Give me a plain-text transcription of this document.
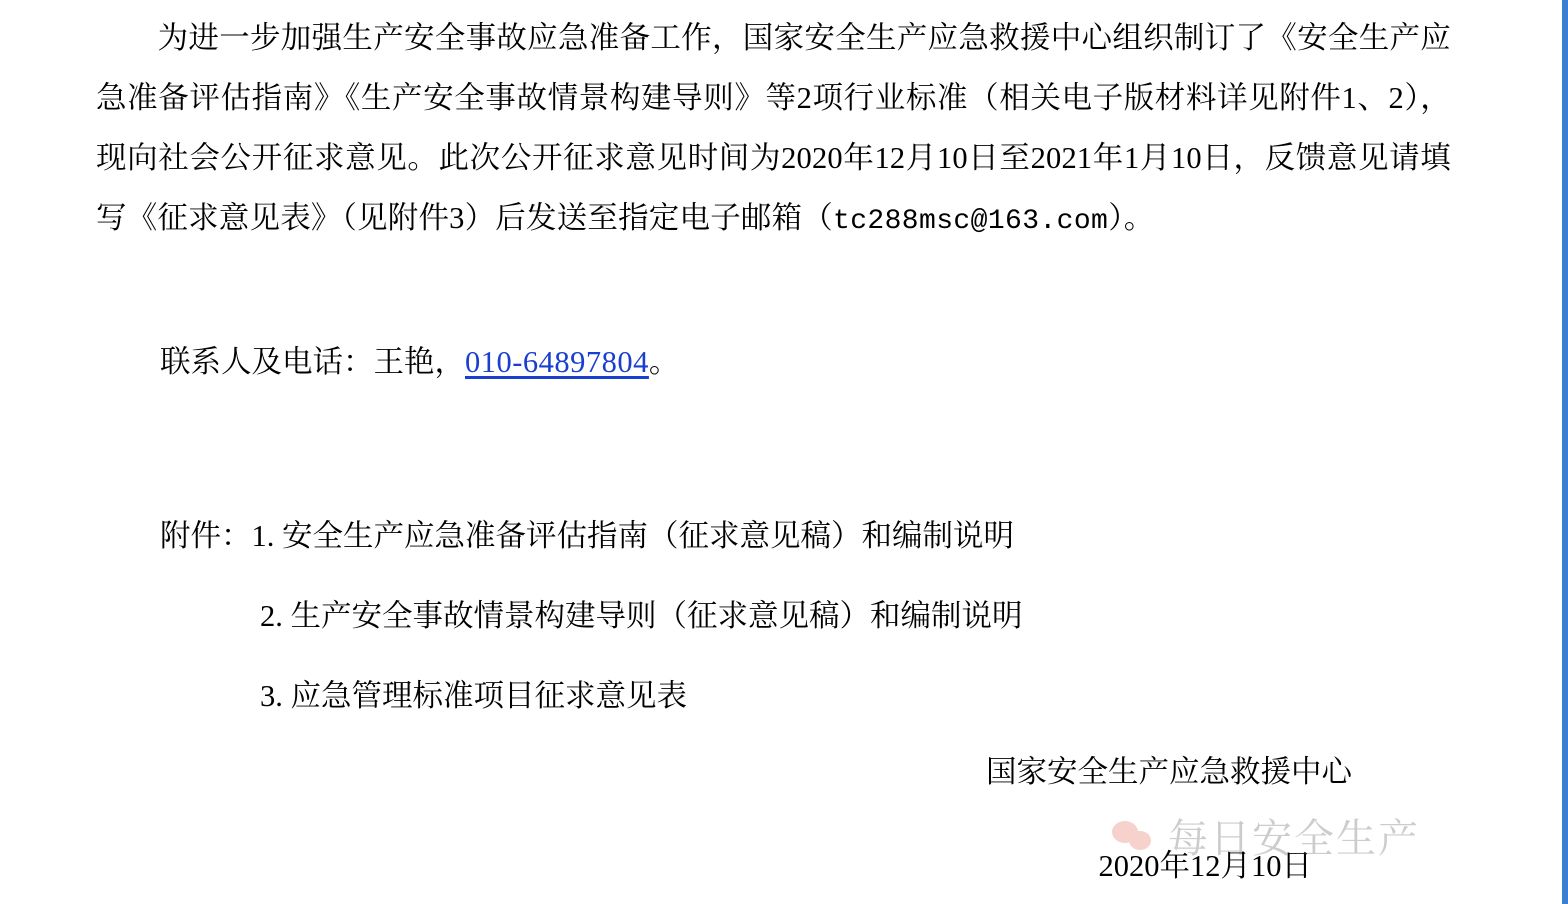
　　为进一步加强生产安全事故应急准备工作，国家安全生产应急救援中心组织制订了《安全生产应急准备评估指南》《生产安全事故情景构建导则》等2项行业标准（相关电子版材料详见附件1、2），现向社会公开征求意见。此次公开征求意见时间为2020年12月10日至2021年1月10日，反馈意见请填写《征求意见表》（见附件3）后发送至指定电子邮箱（tc288msc@163.com）。
联系人及电话：王艳，010-64897804。
附件：1. 安全生产应急准备评估指南（征求意见稿）和编制说明
2. 生产安全事故情景构建导则（征求意见稿）和编制说明
3. 应急管理标准项目征求意见表
国家安全生产应急救援中心
2020年12月10日
每日安全生产
